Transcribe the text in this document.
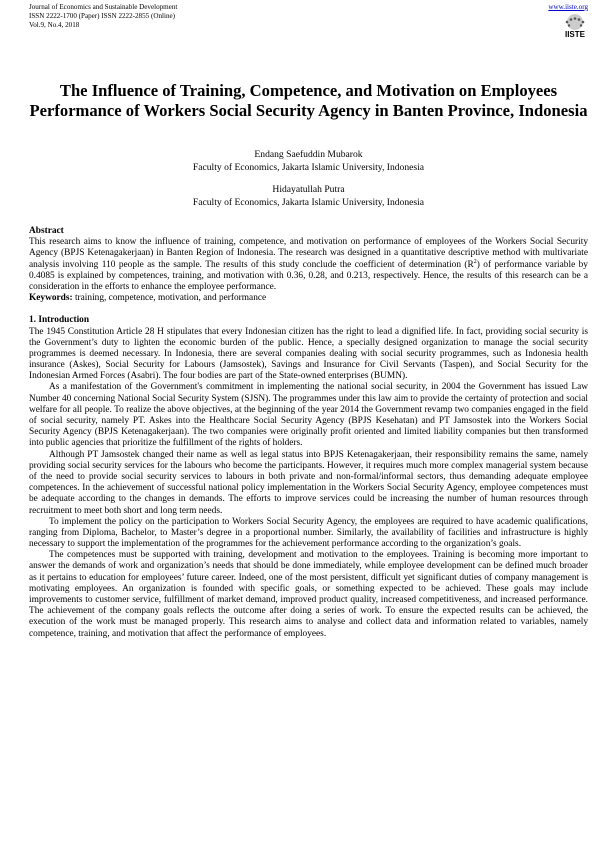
Journal of Economics and Sustainable Development
ISSN 2222-1700 (Paper) ISSN 2222-2855 (Online)
Vol.9, No.4, 2018
www.iiste.org
IISTE
The Influence of Training, Competence, and Motivation on Employees Performance of Workers Social Security Agency in Banten Province, Indonesia
Endang Saefuddin Mubarok
Faculty of Economics, Jakarta Islamic University, Indonesia
Hidayatullah Putra
Faculty of Economics, Jakarta Islamic University, Indonesia
Abstract

This research aims to know the influence of training, competence, and motivation on performance of employees of the Workers Social Security Agency (BPJS Ketenagakerjaan) in Banten Region of Indonesia. The research was designed in a quantitative descriptive method with multivariate analysis involving 110 people as the sample. The results of this study conclude the coefficient of determination $(R^2)$ of performance variable by 0.4085 is explained by competences, training, and motivation with 0.36, 0.28, and 0.213, respectively. Hence, the results of this research can be a consideration in the efforts to enhance the employee performance.

Keywords: training, competence, motivation, and performance

1. Introduction

The 1945 Constitution Article 28 H stipulates that every Indonesian citizen has the right to lead a dignified life. In fact, providing social security is the Government’s duty to lighten the economic burden of the public. Hence, a specially designed organization to manage the social security programmes is deemed necessary. In Indonesia, there are several companies dealing with social security programmes, such as Indonesia health insurance (Askes), Social Security for Labours (Jamsostek), Savings and Insurance for Civil Servants (Taspen), and Social Security for the Indonesian Armed Forces (Asabri). The four bodies are part of the State-owned enterprises (BUMN).

As a manifestation of the Government's commitment in implementing the national social security, in 2004 the Government has issued Law Number 40 concerning National Social Security System (SJSN). The programmes under this law aim to provide the certainty of protection and social welfare for all people. To realize the above objectives, at the beginning of the year 2014 the Government revamp two companies engaged in the field of social security, namely PT. Askes into the Healthcare Social Security Agency (BPJS Kesehatan) and PT Jamsostek into the Workers Social Security Agency (BPJS Ketenagakerjaan). The two companies were originally profit oriented and limited liability companies but then transformed into public agencies that prioritize the fulfillment of the rights of holders.

Although PT Jamsostek changed their name as well as legal status into BPJS Ketenagakerjaan, their responsibility remains the same, namely providing social security services for the labours who become the participants. However, it requires much more complex managerial system because of the need to provide social security services to labours in both private and non-formal/informal sectors, thus demanding adequate employee competences. In the achievement of successful national policy implementation in the Workers Social Security Agency, employee competences must be adequate according to the changes in demands. The efforts to improve services could be increasing the number of human resources through recruitment to meet both short and long term needs.

To implement the policy on the participation to Workers Social Security Agency, the employees are required to have academic qualifications, ranging from Diploma, Bachelor, to Master’s degree in a proportional number. Similarly, the availability of facilities and infrastructure is highly necessary to support the implementation of the programmes for the achievement performance according to the organization’s goals.

The competences must be supported with training, development and motivation to the employees. Training is becoming more important to answer the demands of work and organization’s needs that should be done immediately, while employee development can be defined much broader as it pertains to education for employees’ future career. Indeed, one of the most persistent, difficult yet significant duties of company management is motivating employees. An organization is founded with specific goals, or something expected to be achieved. These goals may include improvements to customer service, fulfillment of market demand, improved product quality, increased competitiveness, and increased performance. The achievement of the company goals reflects the outcome after doing a series of work. To ensure the expected results can be achieved, the execution of the work must be managed properly. This research aims to analyse and collect data and information related to variables, namely competence, training, and motivation that affect the performance of employees.
